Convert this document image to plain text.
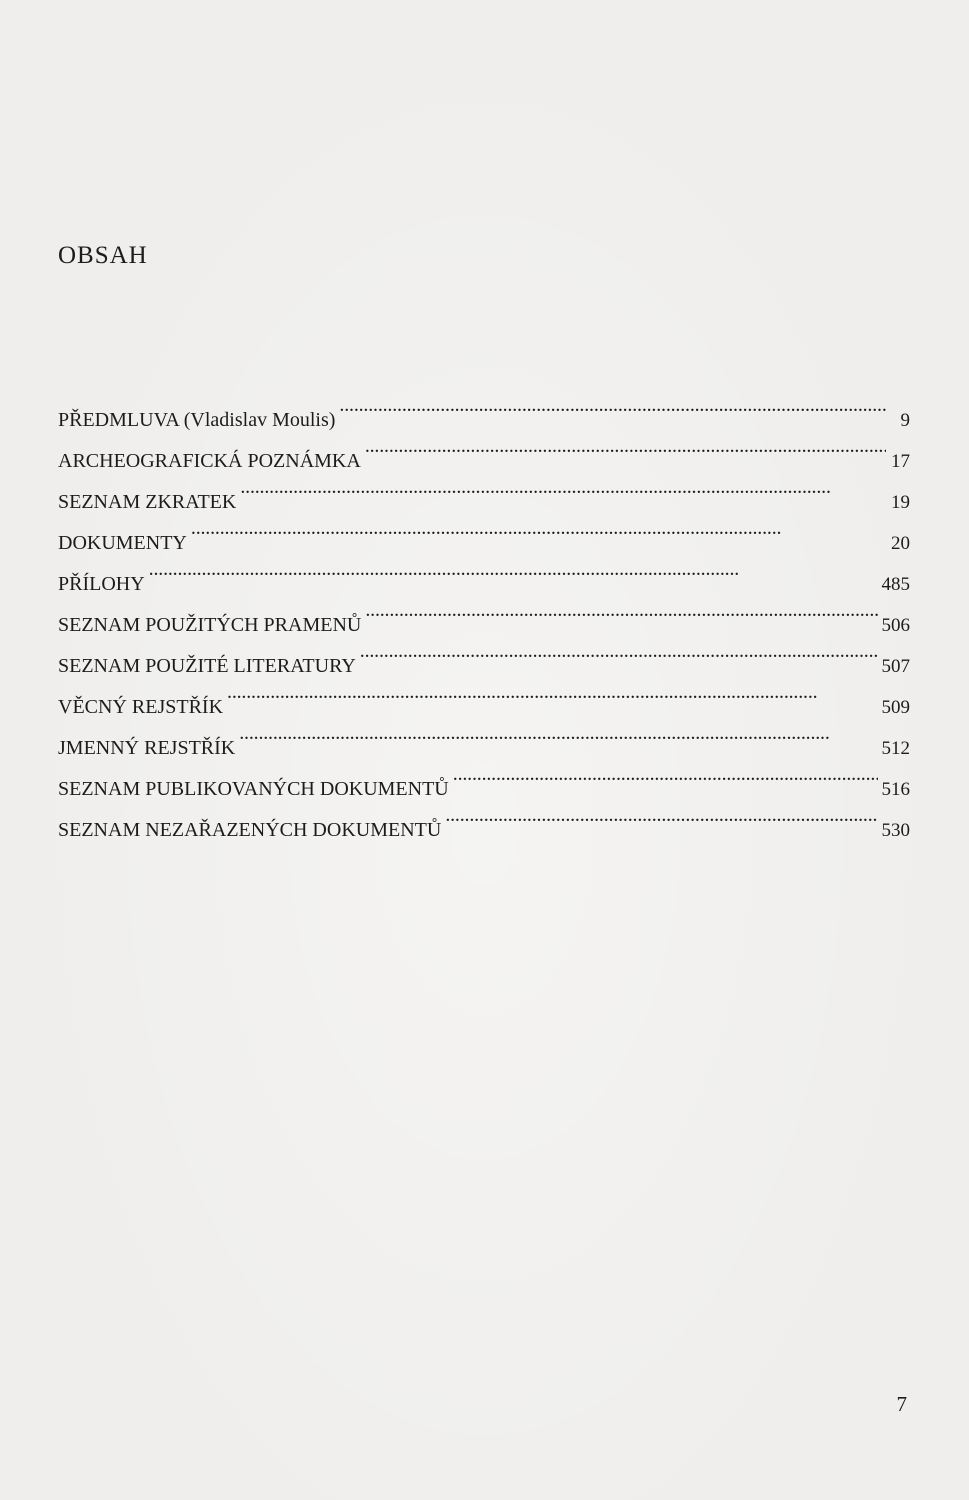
OBSAH
PŘEDMLUVA (Vladislav Moulis) . . .	9
ARCHEOGRAFICKÁ POZNÁMKA . . .	17
SEZNAM ZKRATEK . . .	19
DOKUMENTY . . .	20
PŘÍLOHY . . .	485
SEZNAM POUŽITÝCH PRAMENŮ . . .	506
SEZNAM POUŽITÉ LITERATURY . . .	507
VĚCNÝ REJSTŘÍK . . .	509
JMENNÝ REJSTŘÍK . . .	512
SEZNAM PUBLIKOVANÝCH DOKUMENTŮ . . .	516
SEZNAM NEZAŘAZENÝCH DOKUMENTŮ . . .	530
7
